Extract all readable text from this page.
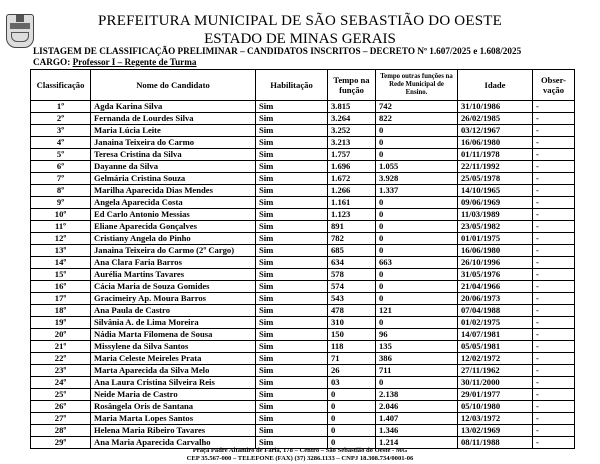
PREFEITURA MUNICIPAL DE SÃO SEBASTIÃO DO OESTE
ESTADO DE MINAS GERAIS
LISTAGEM DE CLASSIFICAÇÃO PRELIMINAR – CANDIDATOS INSCRITOS – DECRETO Nº 1.607/2025 e 1.608/2025
CARGO: Professor I – Regente de Turma
Classificação	Nome do Candidato	Habilitação	Tempo na função	Tempo outras funções na Rede Municipal de Ensino.	Idade	Obser-vação
1º	Agda Karina Silva	Sim	3.815	742	31/10/1986	-
2º	Fernanda de Lourdes Silva	Sim	3.264	822	26/02/1985	-
3º	Maria Lúcia Leite	Sim	3.252	0	03/12/1967	-
4º	Janaina Teixeira do Carmo	Sim	3.213	0	16/06/1980	-
5º	Teresa Cristina da Silva	Sim	1.757	0	01/11/1978	-
6º	Dayanne da Silva	Sim	1.696	1.055	22/11/1992	-
7º	Gelmária Cristina Souza	Sim	1.672	3.928	25/05/1978	-
8º	Marilha Aparecida Dias Mendes	Sim	1.266	1.337	14/10/1965	-
9º	Angela Aparecida Costa	Sim	1.161	0	09/06/1969	-
10º	Ed Carlo Antonio Messias	Sim	1.123	0	11/03/1989	-
11º	Eliane Aparecida Gonçalves	Sim	891	0	23/05/1982	-
12º	Cristiany Angela do Pinho	Sim	782	0	01/01/1975	-
13º	Janaina Teixeira do Carmo (2º Cargo)	Sim	685	0	16/06/1980	-
14º	Ana Clara Faria Barros	Sim	634	663	26/10/1996	-
15º	Aurélia Martins Tavares	Sim	578	0	31/05/1976	-
16º	Cácia Maria de Souza Gomides	Sim	574	0	21/04/1966	-
17º	Gracimeiry Ap. Moura Barros	Sim	543	0	20/06/1973	-
18º	Ana Paula de Castro	Sim	478	121	07/04/1988	-
19º	Silvânia A. de Lima Moreira	Sim	310	0	01/02/1975	-
20º	Nádia Marta Filomena de Sousa	Sim	150	96	14/07/1981	-
21º	Missylene da Silva Santos	Sim	118	135	05/05/1981	-
22º	Maria Celeste Meireles Prata	Sim	71	386	12/02/1972	-
23º	Marta Aparecida da Silva Melo	Sim	26	711	27/11/1962	-
24º	Ana Laura Cristina Silveira Reis	Sim	03	0	30/11/2000	-
25º	Neide Maria de Castro	Sim	0	2.138	29/01/1977	-
26º	Rosângela Oris de Santana	Sim	0	2.046	05/10/1980	-
27º	Maria Marta Lopes Santos	Sim	0	1.407	12/03/1972	-
28º	Helena Maria Ribeiro Tavares	Sim	0	1.346	13/02/1969	-
29º	Ana Maria Aparecida Carvalho	Sim	0	1.214	08/11/1988	-
Praça Padre Altamiro de Faria, 178 – Centro – São Sebastião do Oeste - MG
CEP 35.567-000 – TELEFONE (FAX) (37) 3286.1133 – CNPJ 18.308.734/0001-06
